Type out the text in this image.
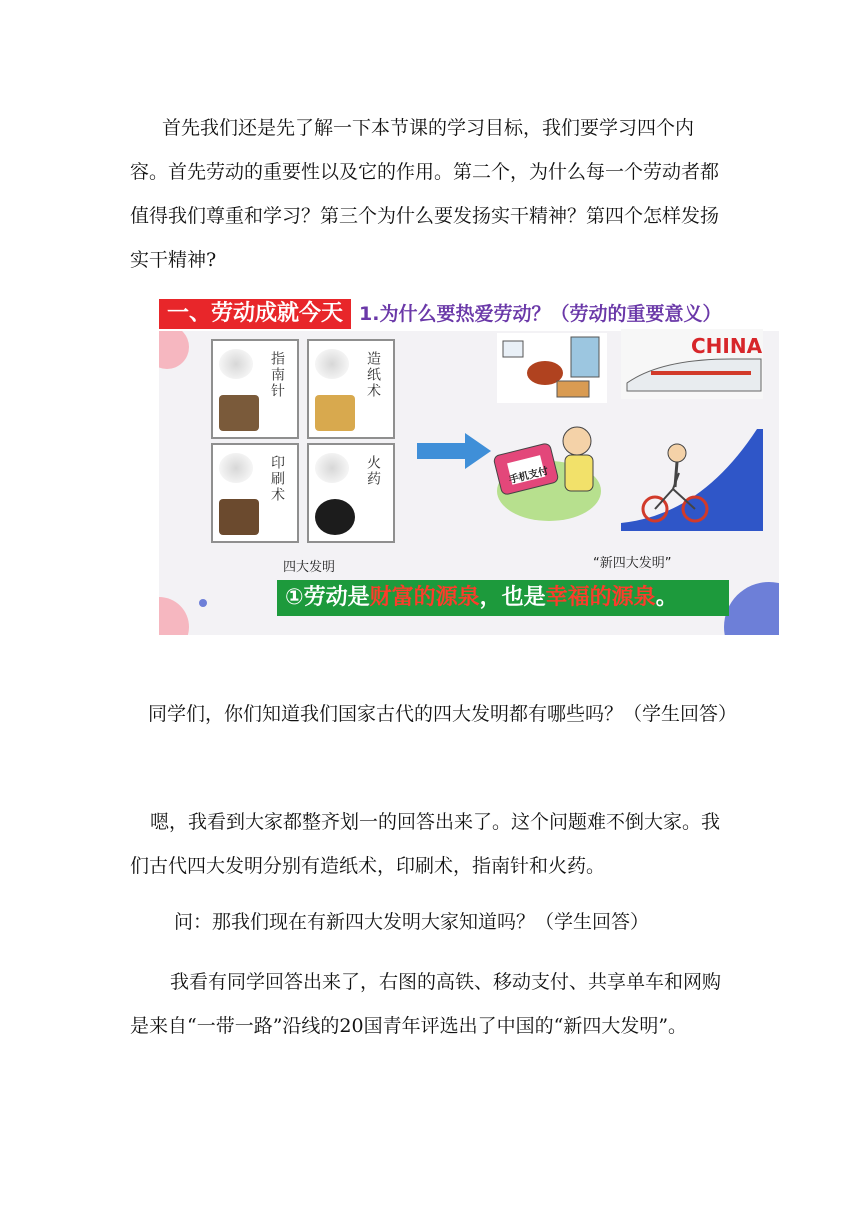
首先我们还是先了解一下本节课的学习目标，我们要学习四个内容。首先劳动的重要性以及它的作用。第二个，为什么每一个劳动者都值得我们尊重和学习？第三个为什么要发扬实干精神？第四个怎样发扬实干精神?

一、劳动成就今天 1.为什么要热爱劳动？（劳动的重要意义）
指南针	造纸术
印刷术	火药
四大发明
CHINA
手机支付
“新四大发明”
①劳动是财富的源泉，也是幸福的源泉。

同学们，你们知道我们国家古代的四大发明都有哪些吗？（学生回答）

嗯，我看到大家都整齐划一的回答出来了。这个问题难不倒大家。我们古代四大发明分别有造纸术，印刷术，指南针和火药。

问：那我们现在有新四大发明大家知道吗？（学生回答）

我看有同学回答出来了，右图的高铁、移动支付、共享单车和网购是来自“一带一路”沿线的20国青年评选出了中国的“新四大发明”。
